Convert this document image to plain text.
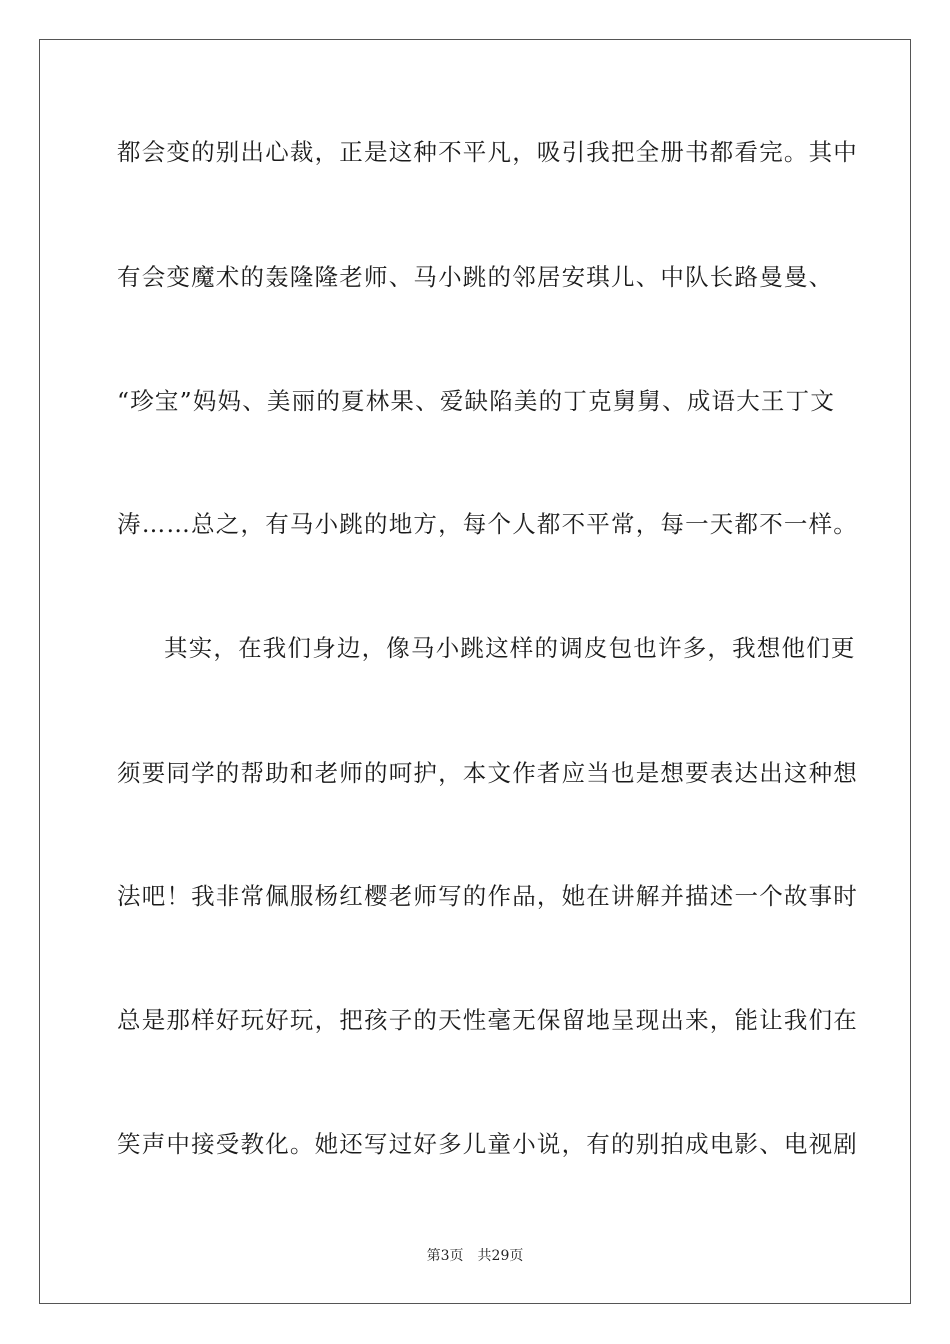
都会变的别出心裁，正是这种不平凡，吸引我把全册书都看完。其中
有会变魔术的轰隆隆老师、马小跳的邻居安琪儿、中队长路曼曼、
“珍宝”妈妈、美丽的夏林果、爱缺陷美的丁克舅舅、成语大王丁文
涛……总之，有马小跳的地方，每个人都不平常，每一天都不一样。
其实，在我们身边，像马小跳这样的调皮包也许多，我想他们更
须要同学的帮助和老师的呵护，本文作者应当也是想要表达出这种想
法吧！我非常佩服杨红樱老师写的作品，她在讲解并描述一个故事时
总是那样好玩好玩，把孩子的天性毫无保留地呈现出来，能让我们在
笑声中接受教化。她还写过好多儿童小说，有的别拍成电影、电视剧
第3页 共29页
